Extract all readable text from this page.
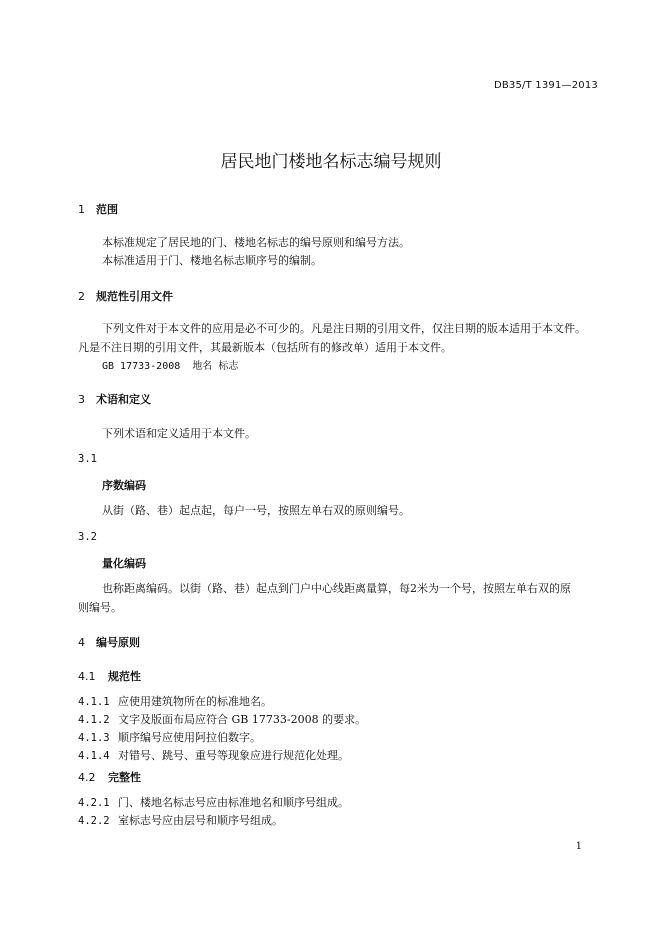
DB35/T 1391—2013
居民地门楼地名标志编号规则
1 范围
本标准规定了居民地的门、楼地名标志的编号原则和编号方法。
本标准适用于门、楼地名标志顺序号的编制。
2 规范性引用文件
下列文件对于本文件的应用是必不可少的。凡是注日期的引用文件，仅注日期的版本适用于本文件。
凡是不注日期的引用文件，其最新版本（包括所有的修改单）适用于本文件。
GB 17733-2008  地名 标志
3 术语和定义
下列术语和定义适用于本文件。
3.1
序数编码
从街（路、巷）起点起，每户一号，按照左单右双的原则编号。
3.2
量化编码
也称距离编码。以街（路、巷）起点到门户中心线距离量算，每2米为一个号，按照左单右双的原
则编号。
4 编号原则
4.1 规范性
4.1.1 应使用建筑物所在的标准地名。
4.1.2 文字及版面布局应符合 GB 17733-2008 的要求。
4.1.3 顺序编号应使用阿拉伯数字。
4.1.4 对错号、跳号、重号等现象应进行规范化处理。
4.2 完整性
4.2.1 门、楼地名标志号应由标准地名和顺序号组成。
4.2.2 室标志号应由层号和顺序号组成。
1
